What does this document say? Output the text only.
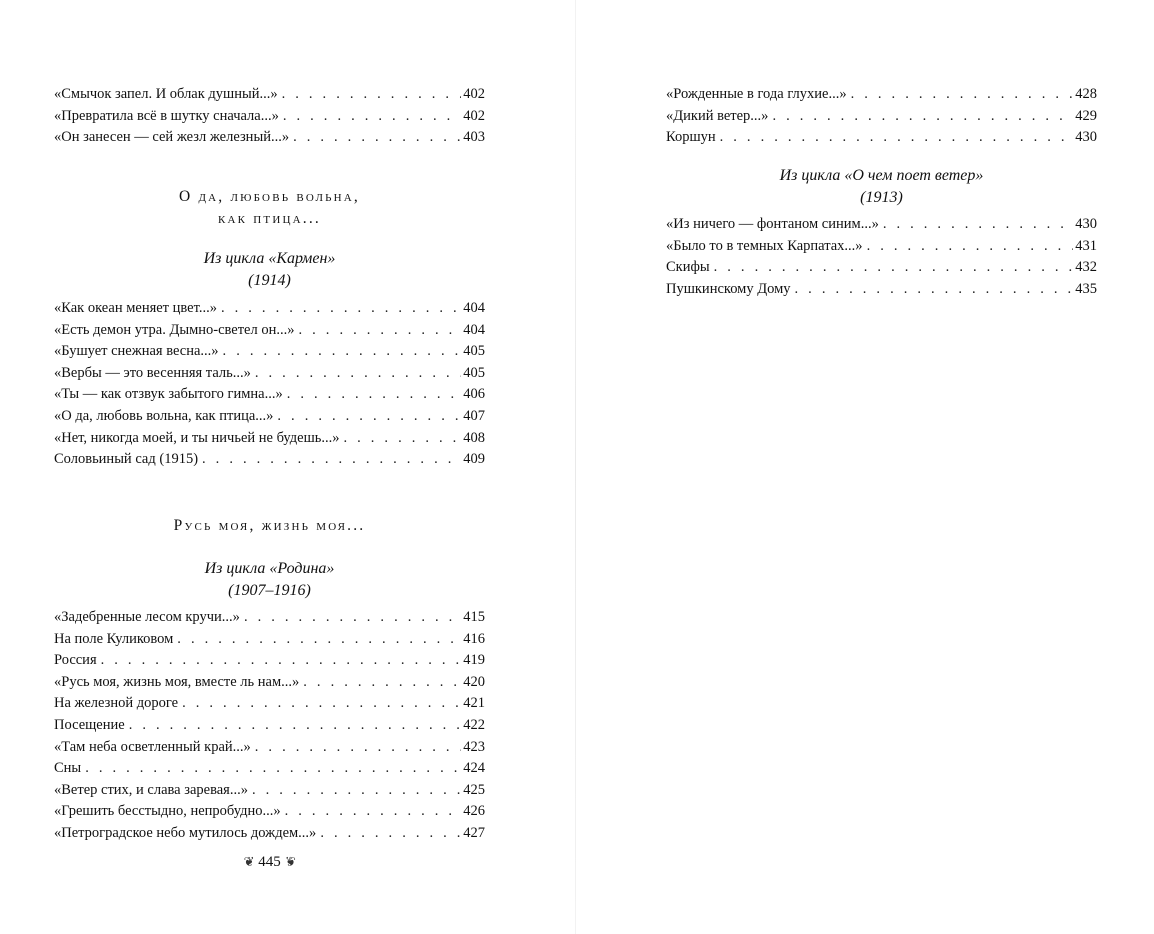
«Смычок запел. И облак душный...» . . .	402
«Превратила всё в шутку сначала...» . . .	402
«Он занесен — сей жезл железный...» . . .	403
О да, любовь вольна,
как птица...
Из цикла «Кармен»
(1914)
«Как океан меняет цвет...» . . .	404
«Есть демон утра. Дымно-светел он...» . . .	404
«Бушует снежная весна...» . . .	405
«Вербы — это весенняя таль...» . . .	405
«Ты — как отзвук забытого гимна...» . . .	406
«О да, любовь вольна, как птица...» . . .	407
«Нет, никогда моей, и ты ничьей не будешь...» . . .	408
Соловьиный сад (1915) . . .	409
Русь моя, жизнь моя...
Из цикла «Родина»
(1907–1916)
«Задебренные лесом кручи...» . . .	415
На поле Куликовом . . .	416
Россия . . .	419
«Русь моя, жизнь моя, вместе ль нам...» . . .	420
На железной дороге . . .	421
Посещение . . .	422
«Там неба осветленный край...» . . .	423
Сны . . .	424
«Ветер стих, и слава заревая...» . . .	425
«Грешить бесстыдно, непробудно...» . . .	426
«Петроградское небо мутилось дождем...» . . .	427
❦ 445 ❦
«Рожденные в года глухие...» . . .	428
«Дикий ветер...» . . .	429
Коршун . . .	430
Из цикла «О чем поет ветер»
(1913)
«Из ничего — фонтаном синим...» . . .	430
«Было то в темных Карпатах...» . . .	431
Скифы . . .	432
Пушкинскому Дому . . .	435
